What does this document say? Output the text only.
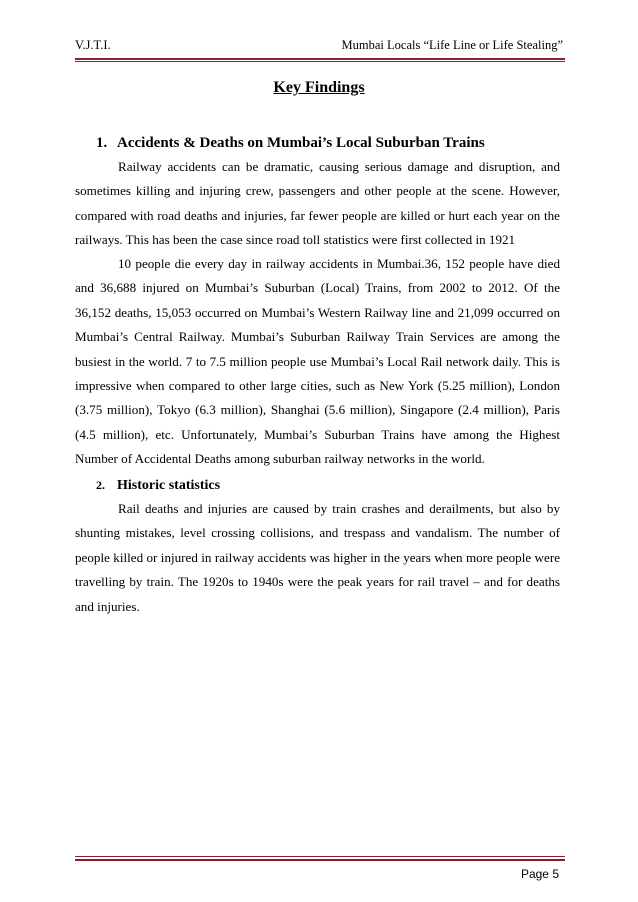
V.J.T.I.	Mumbai Locals “Life Line or Life Stealing”
Key Findings
1. Accidents & Deaths on Mumbai’s Local Suburban Trains

Railway accidents can be dramatic, causing serious damage and disruption, and sometimes killing and injuring crew, passengers and other people at the scene. However, compared with road deaths and injuries, far fewer people are killed or hurt each year on the railways. This has been the case since road toll statistics were first collected in 1921

10 people die every day in railway accidents in Mumbai.36, 152 people have died and 36,688 injured on Mumbai’s Suburban (Local) Trains, from 2002 to 2012. Of the 36,152 deaths, 15,053 occurred on Mumbai’s Western Railway line and 21,099 occurred on Mumbai’s Central Railway. Mumbai’s Suburban Railway Train Services are among the busiest in the world. 7 to 7.5 million people use Mumbai’s Local Rail network daily. This is impressive when compared to other large cities, such as New York (5.25 million), London (3.75 million), Tokyo (6.3 million), Shanghai (5.6 million), Singapore (2.4 million), Paris (4.5 million), etc. Unfortunately, Mumbai’s Suburban Trains have among the Highest Number of Accidental Deaths among suburban railway networks in the world.

2. Historic statistics

Rail deaths and injuries are caused by train crashes and derailments, but also by shunting mistakes, level crossing collisions, and trespass and vandalism. The number of people killed or injured in railway accidents was higher in the years when more people were travelling by train. The 1920s to 1940s were the peak years for rail travel – and for deaths and injuries.

Page 5
